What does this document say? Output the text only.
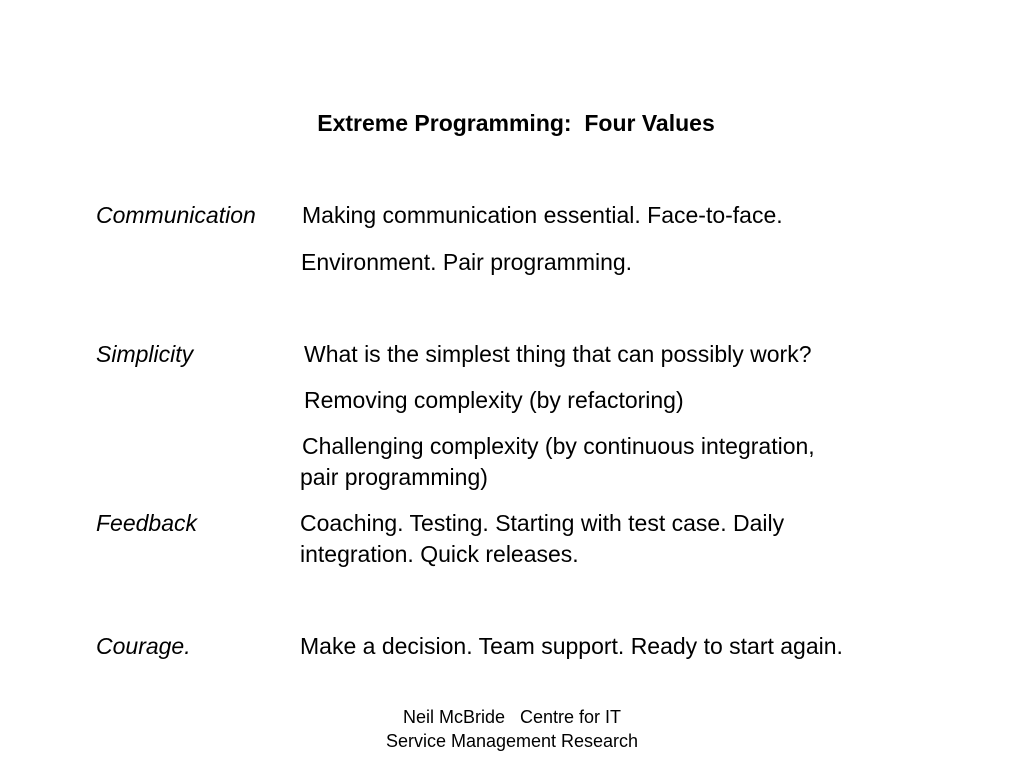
Extreme Programming:  Four Values
Communication Making communication essential. Face-to-face.
Environment. Pair programming.
Simplicity	What is the simplest thing that can possibly work?
Removing complexity (by refactoring)
Challenging complexity (by continuous integration,
pair programming)
Feedback	Coaching. Testing. Starting with test case. Daily
integration. Quick releases.
Courage.	Make a decision. Team support. Ready to start again.
Neil McBride   Centre for IT
Service Management Research
